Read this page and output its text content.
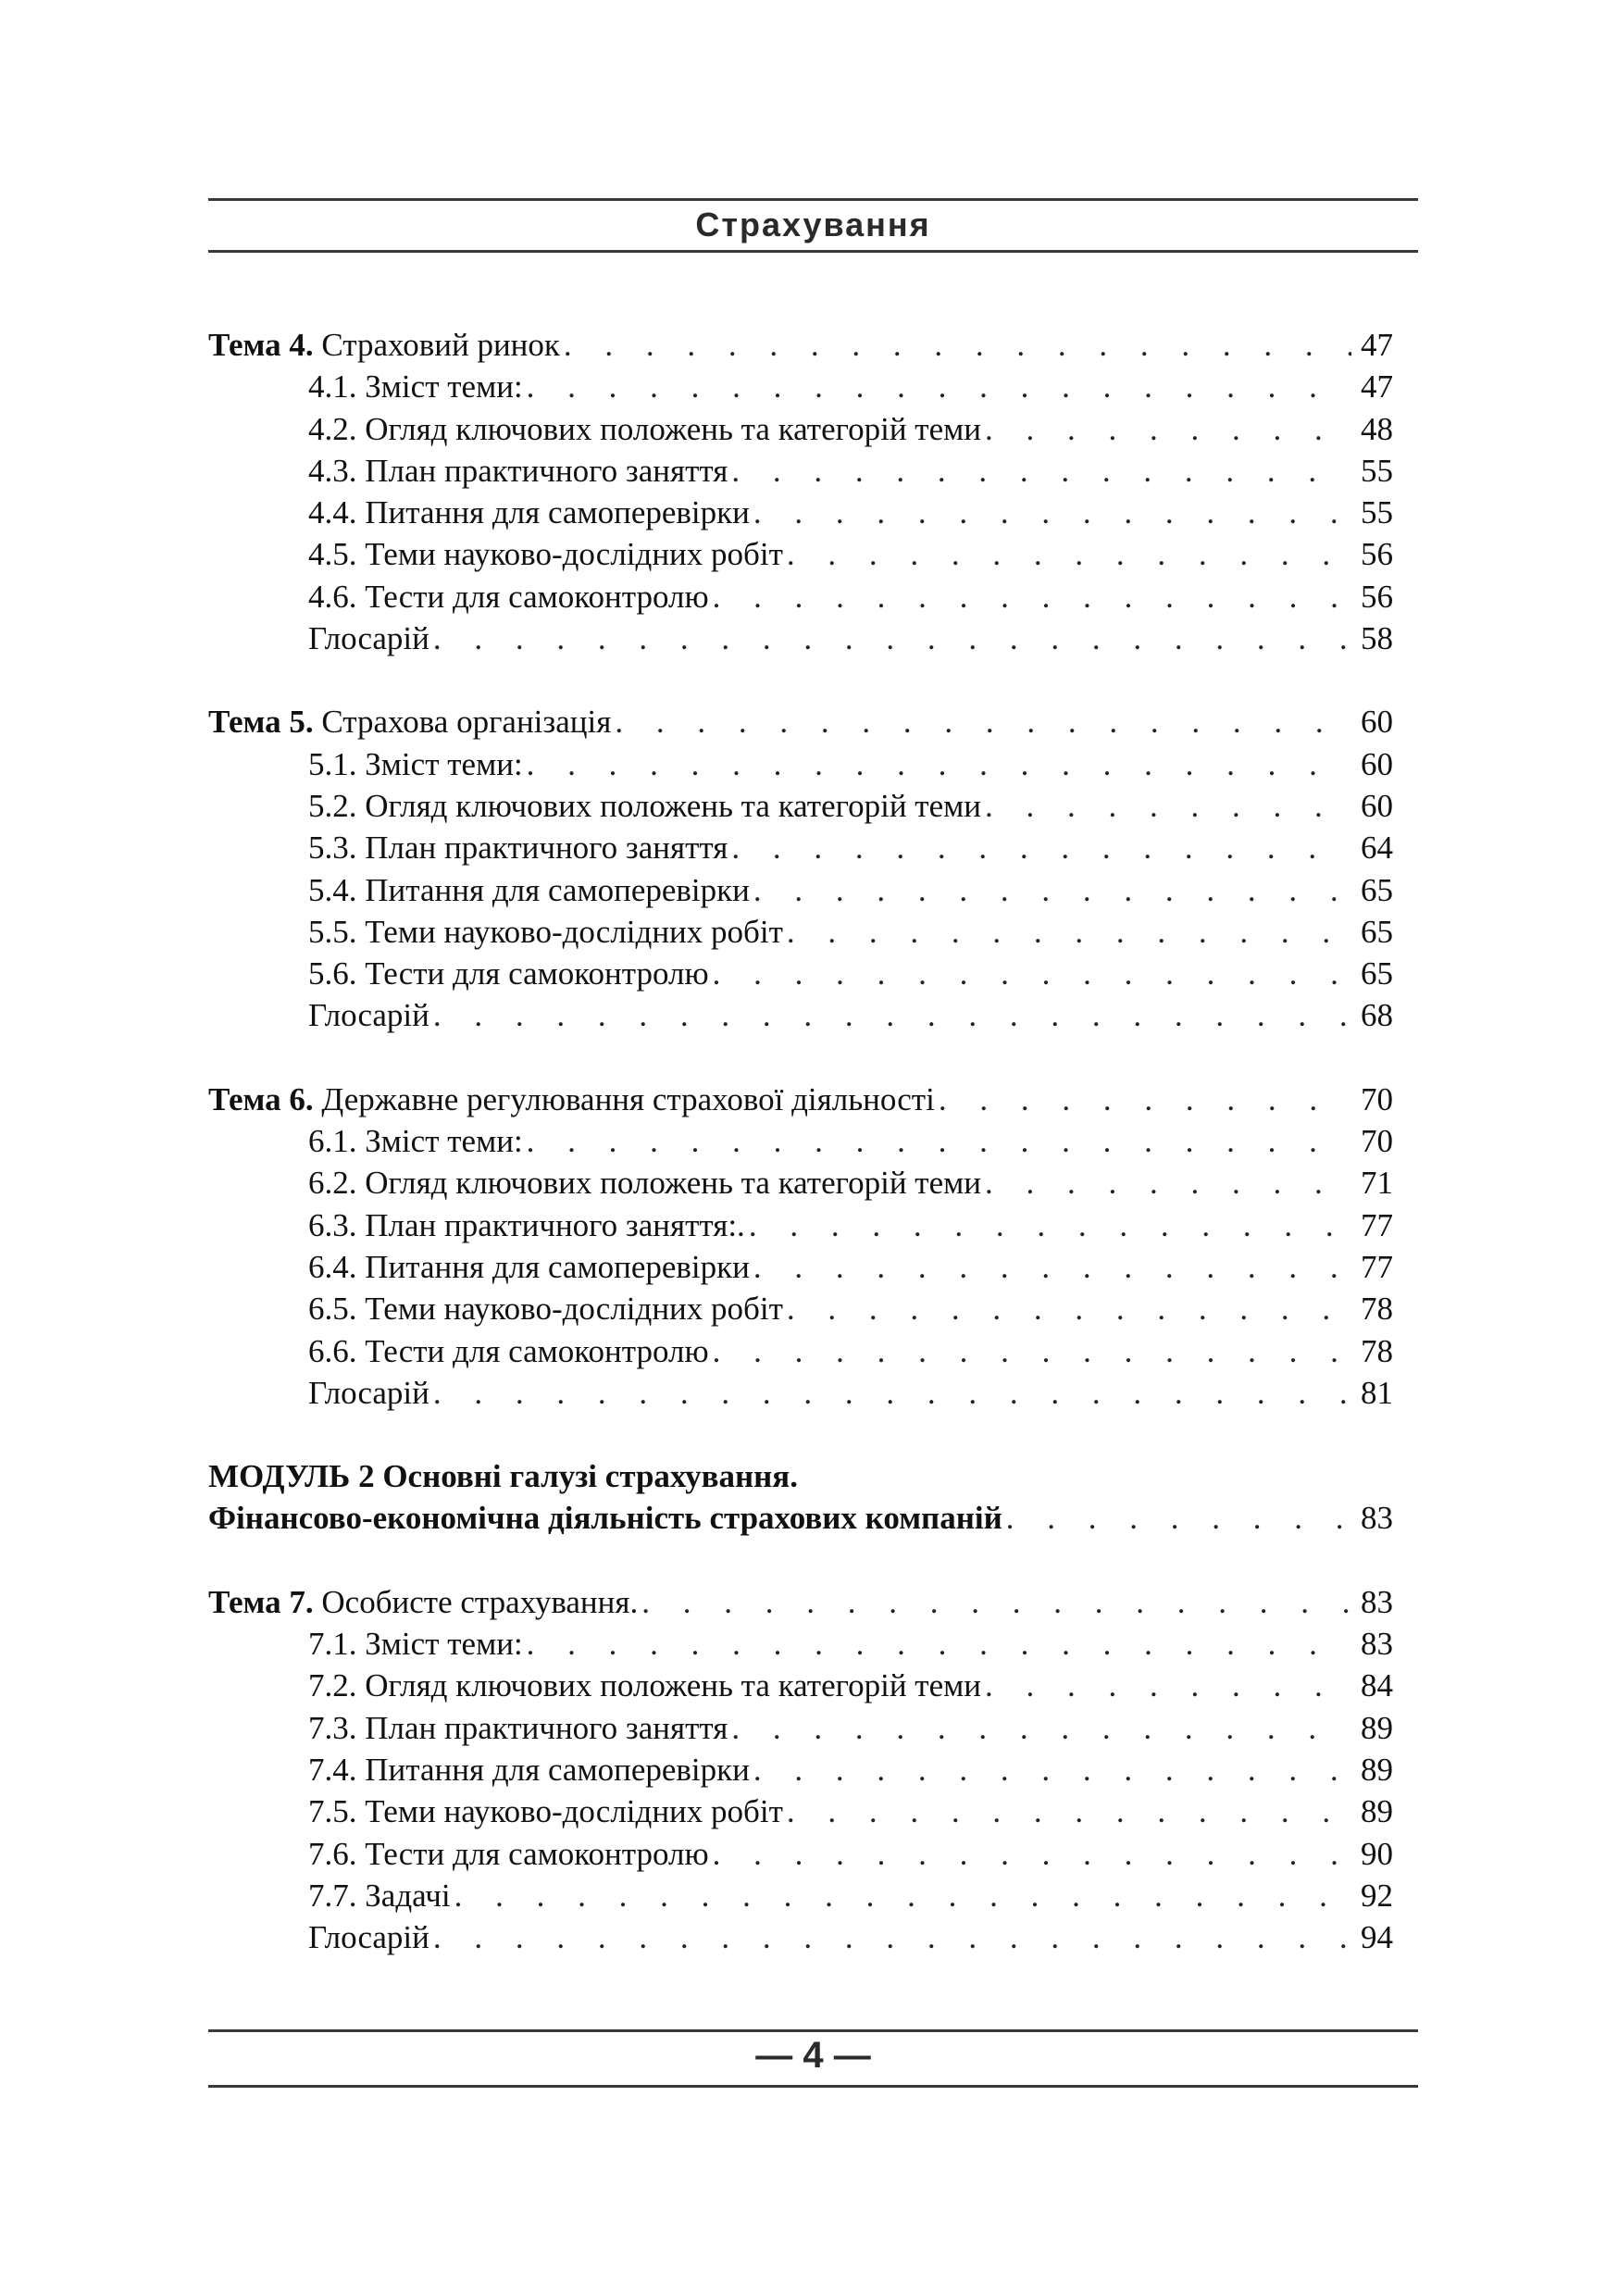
Страхування
Тема 4. Страховий ринок . . .	47
4.1. Зміст теми: . . .	47
4.2. Огляд ключових положень та категорій теми . . .	48
4.3. План практичного заняття . . .	55
4.4. Питання для самоперевірки . . .	55
4.5. Теми науково-дослідних робіт . . .	56
4.6. Тести для самоконтролю . . .	56
Глосарій . . .	58
Тема 5. Страхова організація . . .	60
5.1. Зміст теми: . . .	60
5.2. Огляд ключових положень та категорій теми . . .	60
5.3. План практичного заняття . . .	64
5.4. Питання для самоперевірки . . .	65
5.5. Теми науково-дослідних робіт . . .	65
5.6. Тести для самоконтролю . . .	65
Глосарій . . .	68
Тема 6. Державне регулювання страхової діяльності . . .	70
6.1. Зміст теми: . . .	70
6.2. Огляд ключових положень та категорій теми . . .	71
6.3. План практичного заняття:. . . .	77
6.4. Питання для самоперевірки . . .	77
6.5. Теми науково-дослідних робіт . . .	78
6.6. Тести для самоконтролю . . .	78
Глосарій . . .	81
МОДУЛЬ 2 Основні галузі страхування.
Фінансово-економічна діяльність страхових компаній . . .	83
Тема 7. Особисте страхування. . . .	83
7.1. Зміст теми: . . .	83
7.2. Огляд ключових положень та категорій теми . . .	84
7.3. План практичного заняття . . .	89
7.4. Питання для самоперевірки . . .	89
7.5. Теми науково-дослідних робіт . . .	89
7.6. Тести для самоконтролю . . .	90
7.7. Задачі . . .	92
Глосарій . . .	94
— 4 —
